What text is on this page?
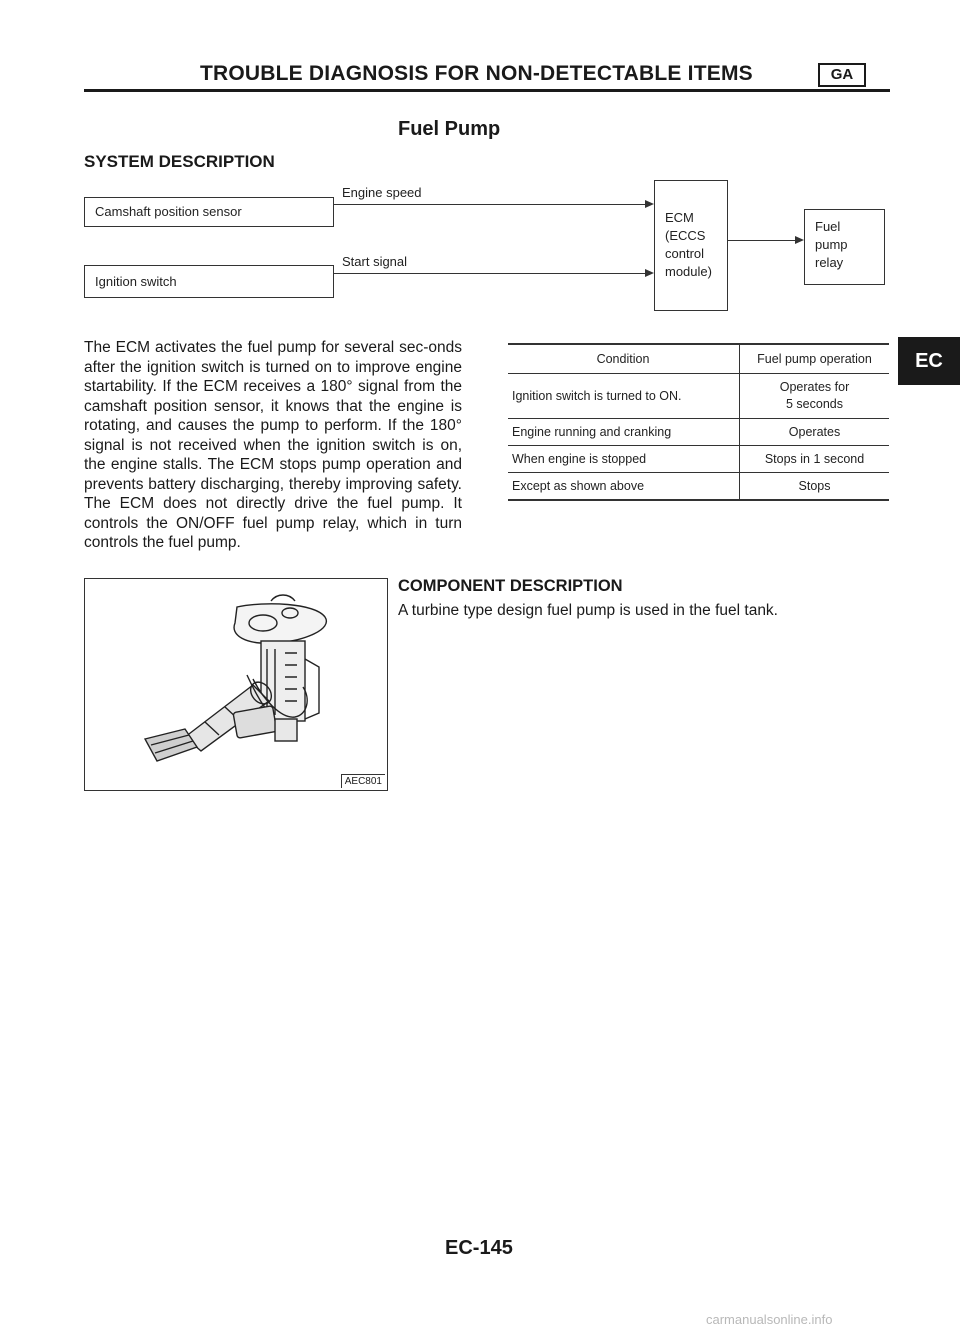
TROUBLE DIAGNOSIS FOR NON-DETECTABLE ITEMS	GA
Fuel Pump
SYSTEM DESCRIPTION
Camshaft position sensor
Engine speed
Ignition switch
Start signal
ECM
(ECCS
control
module)
Fuel
pump
relay
The ECM activates the fuel pump for several sec-onds after the ignition switch is turned on to improve engine startability. If the ECM receives a 180° signal from the camshaft position sensor, it knows that the engine is rotating, and causes the pump to perform. If the 180° signal is not received when the ignition switch is on, the engine stalls. The ECM stops pump operation and prevents battery discharging, thereby improving safety. The ECM does not directly drive the fuel pump. It controls the ON/OFF fuel pump relay, which in turn controls the fuel pump.
Condition	Fuel pump operation
Ignition switch is turned to ON.	Operates for
5 seconds

Engine running and cranking	Operates
When engine is stopped	Stops in 1 second
Except as shown above	Stops
EC
AEC801
COMPONENT DESCRIPTION
A turbine type design fuel pump is used in the fuel tank.
EC-145
carmanualsonline.info
